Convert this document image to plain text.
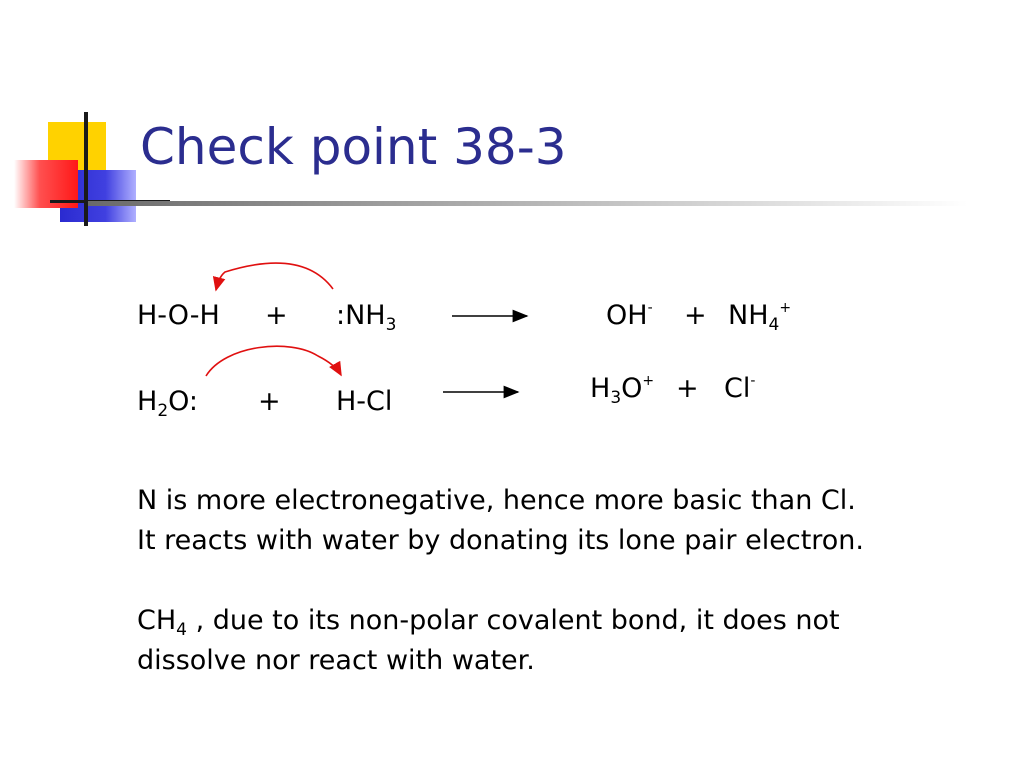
Check point 38-3
$H-O-H + :NH_3$	$OH^- + NH_4^+$
$H_2O$: + H-Cl	$H_3O^+ + Cl^-$
N is more electronegative, hence more basic than Cl.
It reacts with water by donating its lone pair electron.
$CH_4$ , due to its non-polar covalent bond, it does not
dissolve nor react with water.
